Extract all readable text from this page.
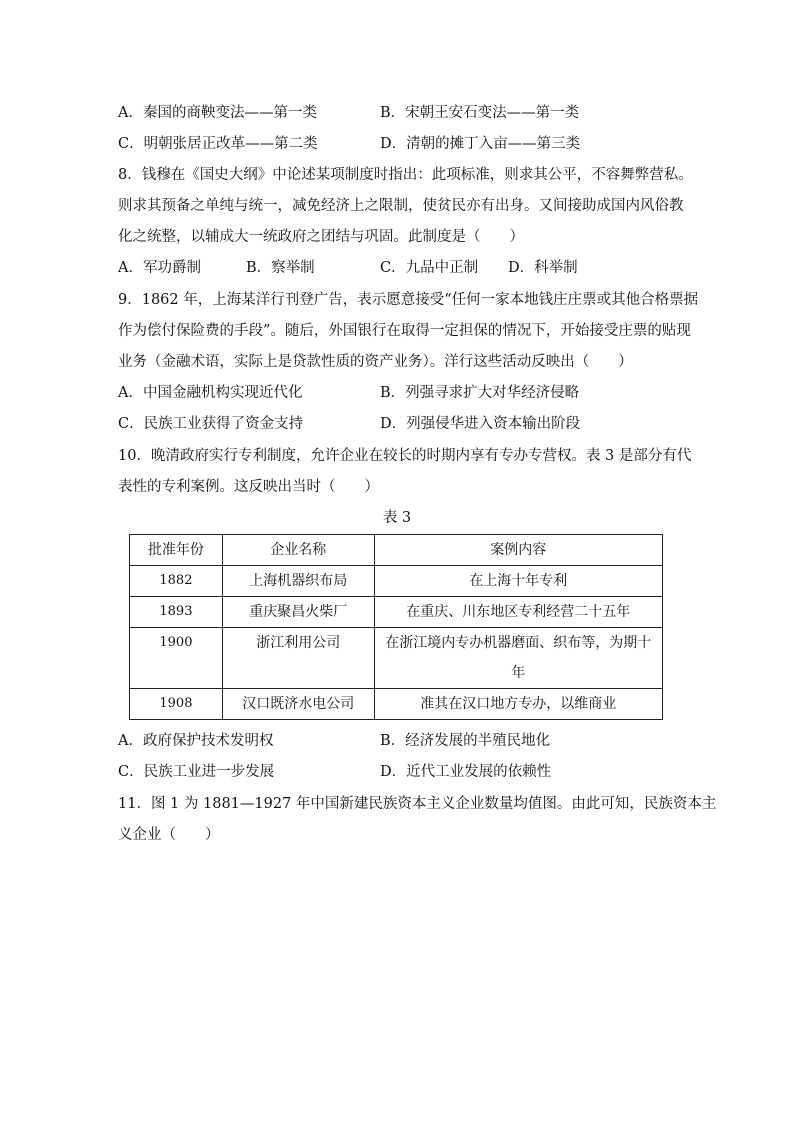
A．秦国的商鞅变法——第一类	B．宋朝王安石变法——第一类
C．明朝张居正改革——第二类	D．清朝的摊丁入亩——第三类
8．钱穆在《国史大纲》中论述某项制度时指出：此项标准，则求其公平，不容舞弊营私。
则求其预备之单纯与统一，减免经济上之限制，使贫民亦有出身。又间接助成国内风俗教
化之统整，以辅成大一统政府之团结与巩固。此制度是（　　）
A．军功爵制	B．察举制	C．九品中正制 D．科举制
9．1862 年，上海某洋行刊登广告，表示愿意接受“任何一家本地钱庄庄票或其他合格票据
作为偿付保险费的手段”。随后，外国银行在取得一定担保的情况下，开始接受庄票的贴现
业务（金融术语，实际上是贷款性质的资产业务）。洋行这些活动反映出（　　）
A．中国金融机构实现近代化	B．列强寻求扩大对华经济侵略
C．民族工业获得了资金支持	D．列强侵华进入资本输出阶段
10．晚清政府实行专利制度，允许企业在较长的时期内享有专办专营权。表 3 是部分有代
表性的专利案例。这反映出当时（　　）
表 3
批准年份	企业名称	案例内容
1882	上海机器织布局	在上海十年专利
1893	重庆聚昌火柴厂	在重庆、川东地区专利经营二十五年
1900	浙江利用公司	在浙江境内专办机器磨面、织布等，为期十
年

1908	汉口既济水电公司	准其在汉口地方专办，以维商业
A．政府保护技术发明权	B．经济发展的半殖民地化
C．民族工业进一步发展	D．近代工业发展的依赖性
11．图 1 为 1881—1927 年中国新建民族资本主义企业数量均值图。由此可知，民族资本主
义企业（　　）
